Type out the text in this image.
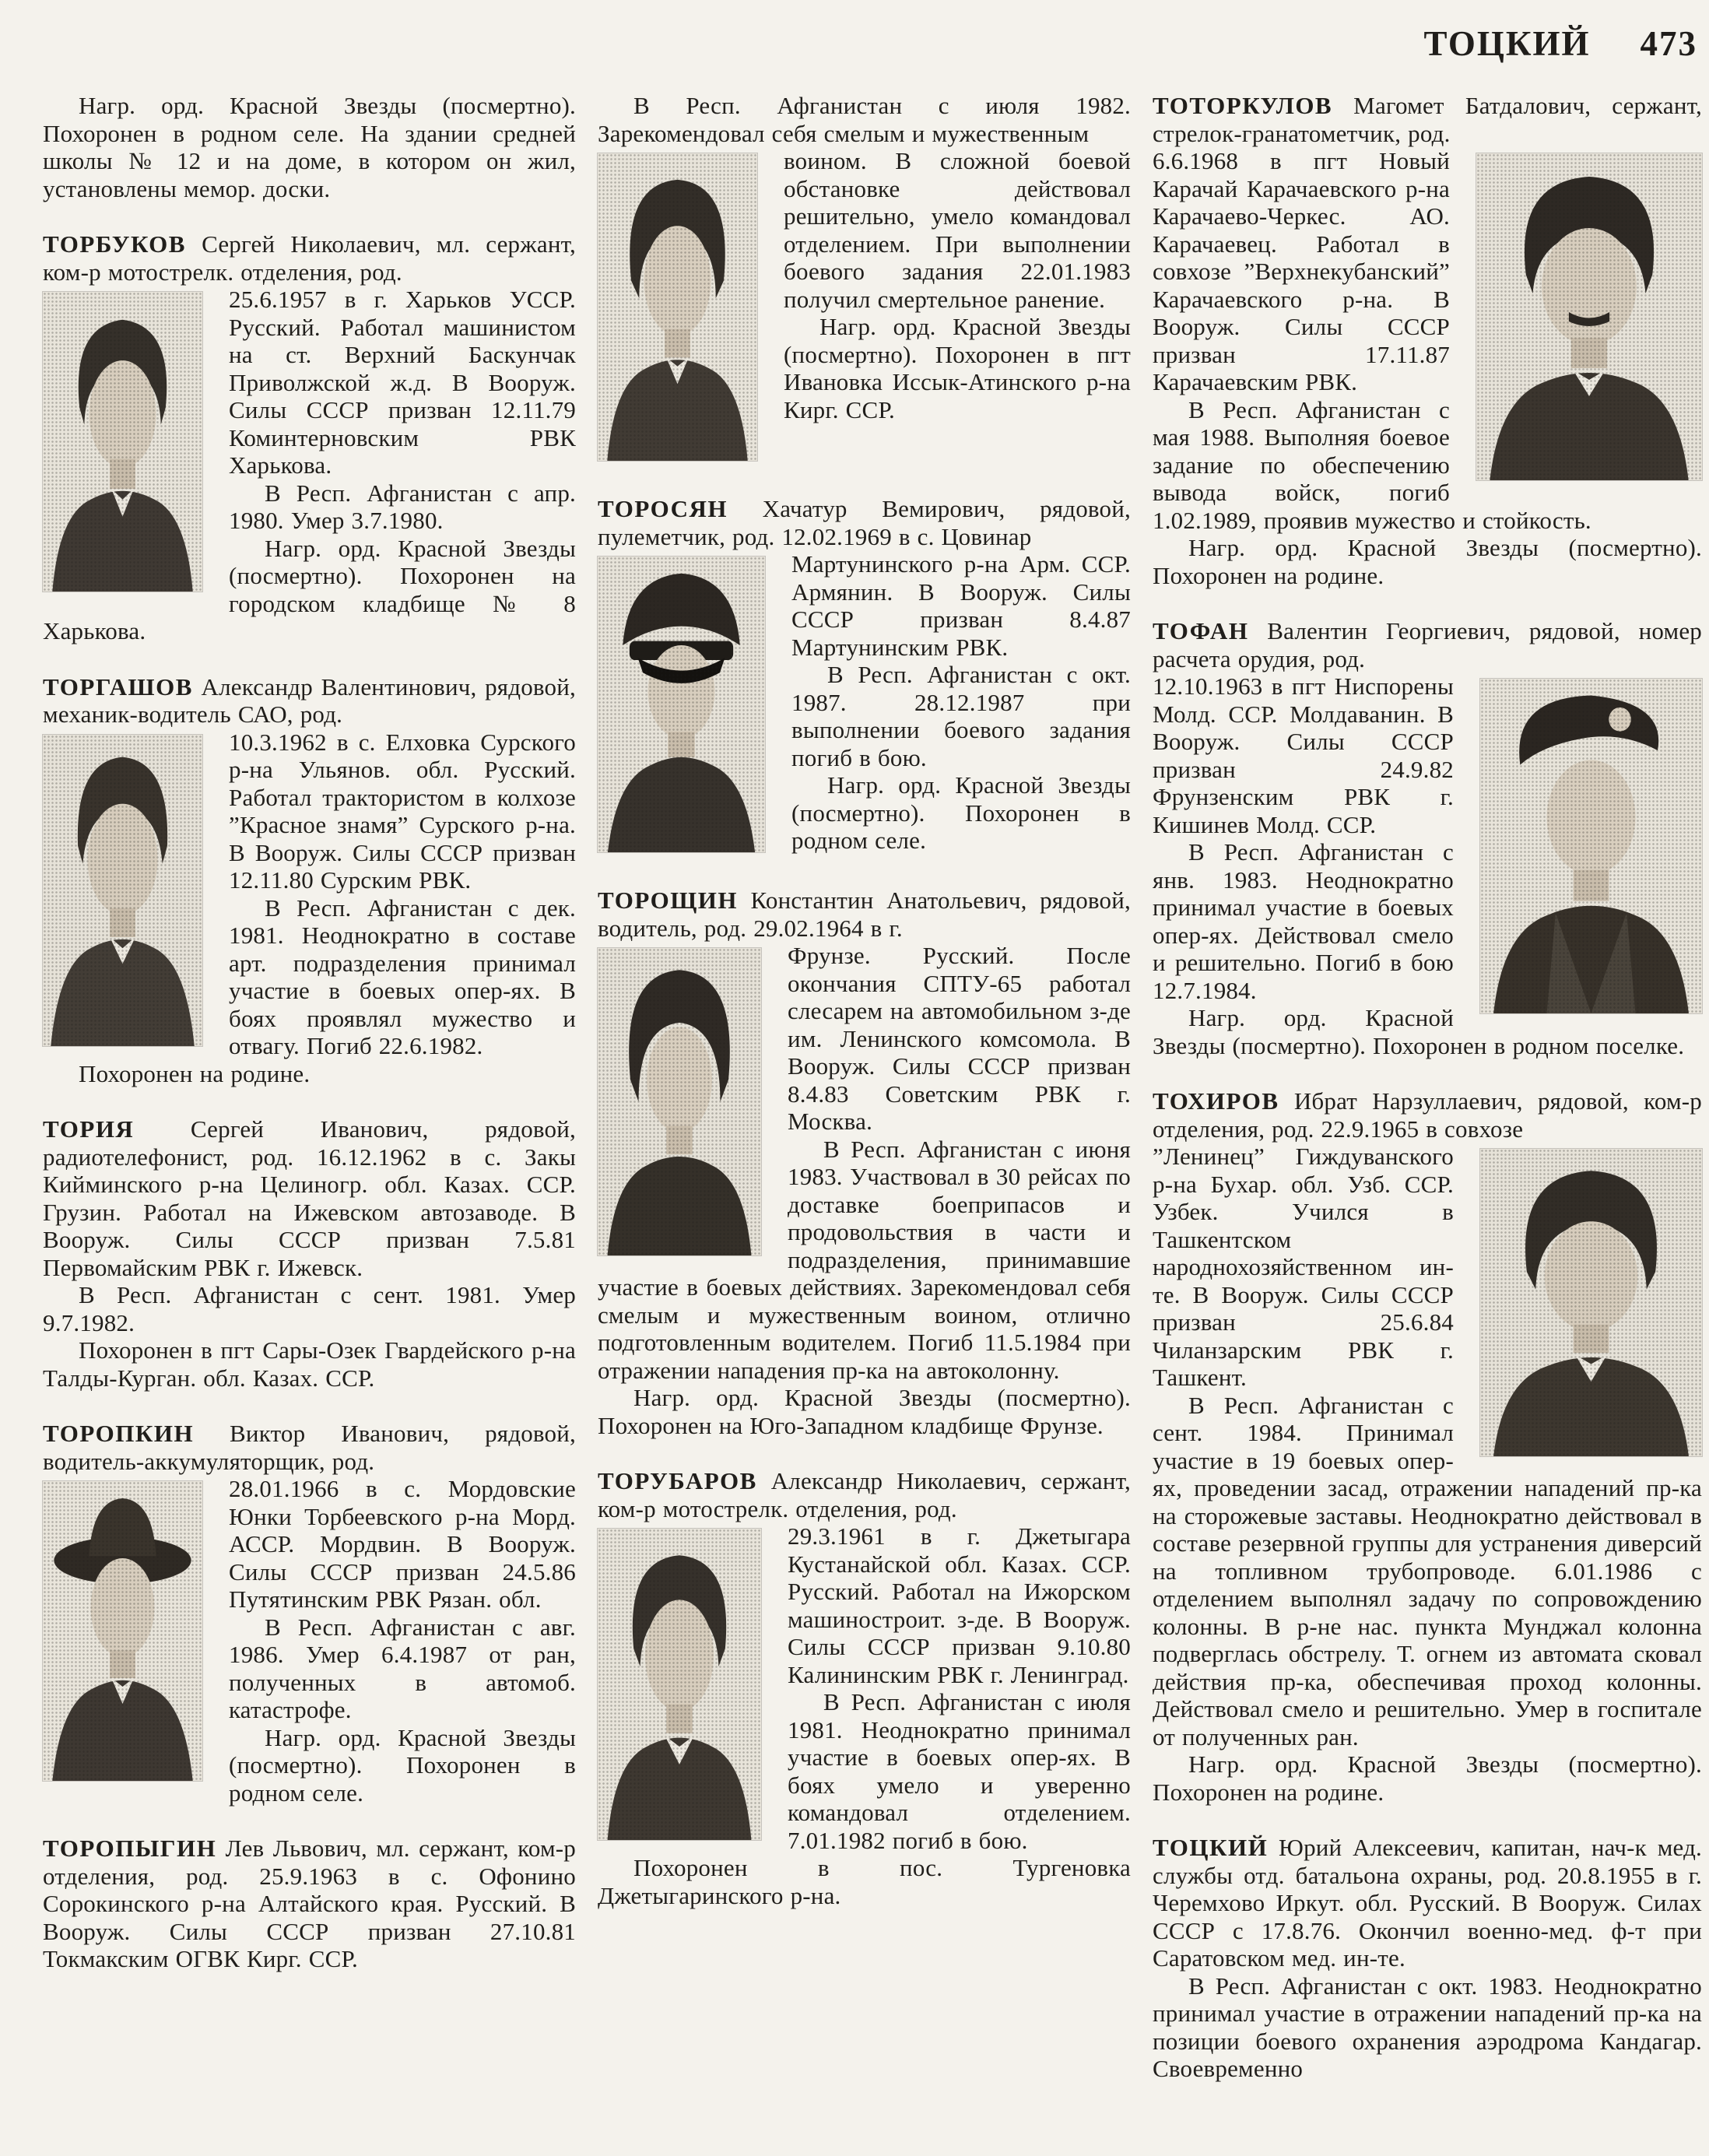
ТОЦКИЙ 473

Нагр. орд. Красной Звезды (посмертно). Похоронен в родном селе. На здании средней школы № 12 и на доме, в котором он жил, установлены мемор. доски.

ТОРБУКОВ Сергей Николаевич, мл. сержант, ком-р мотострелк. отделения, род.

25.6.1957 в г. Харьков УССР. Русский. Работал машинистом на ст. Верхний Баскунчак Приволжской ж.д. В Вооруж. Силы СССР призван 12.11.79 Коминтерновским РВК Харькова.

В Респ. Афганистан с апр. 1980. Умер 3.7.1980.

Нагр. орд. Красной Звезды (посмертно). Похоронен на городском кладбище № 8 Харькова.

ТОРГАШОВ Александр Валентинович, рядовой, механик-водитель САО, род.

10.3.1962 в с. Елховка Сурского р-на Ульянов. обл. Русский. Работал трактористом в колхозе ”Красное знамя” Сурского р-на. В Вооруж. Силы СССР призван 12.11.80 Сурским РВК.

В Респ. Афганистан с дек. 1981. Неоднократно в составе арт. подразделения принимал участие в боевых опер-ях. В боях проявлял мужество и отвагу. Погиб 22.6.1982.

Похоронен на родине.

ТОРИЯ Сергей Иванович, рядовой, радиотелефонист, род. 16.12.1962 в с. Закы Кийминского р-на Целиногр. обл. Казах. ССР. Грузин. Работал на Ижевском автозаводе. В Вооруж. Силы СССР призван 7.5.81 Первомайским РВК г. Ижевск.

В Респ. Афганистан с сент. 1981. Умер 9.7.1982.

Похоронен в пгт Сары-Озек Гвардейского р-на Талды-Курган. обл. Казах. ССР.

ТОРОПКИН Виктор Иванович, рядовой, водитель-аккумуляторщик, род.

28.01.1966 в с. Мордовские Юнки Торбеевского р-на Морд. АССР. Мордвин. В Вооруж. Силы СССР призван 24.5.86 Путятинским РВК Рязан. обл.

В Респ. Афганистан с авг. 1986. Умер 6.4.1987 от ран, полученных в автомоб. катастрофе.

Нагр. орд. Красной Звезды (посмертно). Похоронен в родном селе.

ТОРОПЫГИН Лев Львович, мл. сержант, ком-р отделения, род. 25.9.1963 в с. Офонино Сорокинского р-на Алтайского края. Русский. В Вооруж. Силы СССР призван 27.10.81 Токмакским ОГВК Кирг. ССР.

В Респ. Афганистан с июля 1982. Зарекомендовал себя смелым и мужественным

воином. В сложной боевой обстановке действовал решительно, умело командовал отделением. При выполнении боевого задания 22.01.1983 получил смертельное ранение.

Нагр. орд. Красной Звезды (посмертно). Похоронен в пгт Ивановка Иссык-Атинского р-на Кирг. ССР.

ТОРОСЯН Хачатур Вемирович, рядовой, пулеметчик, род. 12.02.1969 в с. Цовинар

Мартунинского р-на Арм. ССР. Армянин. В Вооруж. Силы СССР призван 8.4.87 Мартунинским РВК.

В Респ. Афганистан с окт. 1987. 28.12.1987 при выполнении боевого задания погиб в бою.

Нагр. орд. Красной Звезды (посмертно). Похоронен в родном селе.

ТОРОЩИН Константин Анатольевич, рядовой, водитель, род. 29.02.1964 в г.

Фрунзе. Русский. После окончания СПТУ-65 работал слесарем на автомобильном з-де им. Ленинского комсомола. В Вооруж. Силы СССР призван 8.4.83 Советским РВК г. Москва.

В Респ. Афганистан с июня 1983. Участвовал в 30 рейсах по доставке боеприпасов и продовольствия в части и подразделения, принимавшие участие в боевых действиях. Зарекомендовал себя смелым и мужественным воином, отлично подготовленным водителем. Погиб 11.5.1984 при отражении нападения пр-ка на автоколонну.

Нагр. орд. Красной Звезды (посмертно). Похоронен на Юго-Западном кладбище Фрунзе.

ТОРУБАРОВ Александр Николаевич, сержант, ком-р мотострелк. отделения, род.

29.3.1961 в г. Джетыгара Кустанайской обл. Казах. ССР. Русский. Работал на Ижорском машиностроит. з-де. В Вооруж. Силы СССР призван 9.10.80 Калининским РВК г. Ленинград.

В Респ. Афганистан с июля 1981. Неоднократно принимал участие в боевых опер-ях. В боях умело и уверенно командовал отделением. 7.01.1982 погиб в бою.

Похоронен в пос. Тургеновка Джетыгаринского р-на.

ТОТОРКУЛОВ Магомет Батдалович, сержант, стрелок-гранатометчик, род.

6.6.1968 в пгт Новый Карачай Карачаевского р-на Карачаево-Черкес. АО. Карачаевец. Работал в совхозе ”Верхнекубанский” Карачаевского р-на. В Вооруж. Силы СССР призван 17.11.87 Карачаевским РВК.

В Респ. Афганистан с мая 1988. Выполняя боевое задание по обеспечению вывода войск, погиб 1.02.1989, проявив мужество и стойкость.

Нагр. орд. Красной Звезды (посмертно). Похоронен на родине.

ТОФАН Валентин Георгиевич, рядовой, номер расчета орудия, род.

12.10.1963 в пгт Ниспорены Молд. ССР. Молдаванин. В Вооруж. Силы СССР призван 24.9.82 Фрунзенским РВК г. Кишинев Молд. ССР.

В Респ. Афганистан с янв. 1983. Неоднократно принимал участие в боевых опер-ях. Действовал смело и решительно. Погиб в бою 12.7.1984.

Нагр. орд. Красной Звезды (посмертно). Похоронен в родном поселке.

ТОХИРОВ Ибрат Нарзуллаевич, рядовой, ком-р отделения, род. 22.9.1965 в совхозе

”Ленинец” Гиждуванского р-на Бухар. обл. Узб. ССР. Узбек. Учился в Ташкентском народнохозяйственном ин-те. В Вооруж. Силы СССР призван 25.6.84 Чиланзарским РВК г. Ташкент.

В Респ. Афганистан с сент. 1984. Принимал участие в 19 боевых опер-ях, проведении засад, отражении нападений пр-ка на сторожевые заставы. Неоднократно действовал в составе резервной группы для устранения диверсий на топливном трубопроводе. 6.01.1986 с отделением выполнял задачу по сопровождению колонны. В р-не нас. пункта Мунджал колонна подверглась обстрелу. Т. огнем из автомата сковал действия пр-ка, обеспечивая проход колонны. Действовал смело и решительно. Умер в госпитале от полученных ран.

Нагр. орд. Красной Звезды (посмертно). Похоронен на родине.

ТОЦКИЙ Юрий Алексеевич, капитан, нач-к мед. службы отд. батальона охраны, род. 20.8.1955 в г. Черемхово Иркут. обл. Русский. В Вооруж. Силах СССР с 17.8.76. Окончил военно-мед. ф-т при Саратовском мед. ин-те.

В Респ. Афганистан с окт. 1983. Неоднократно принимал участие в отражении нападений пр-ка на позиции боевого охранения аэродрома Кандагар. Своевременно
